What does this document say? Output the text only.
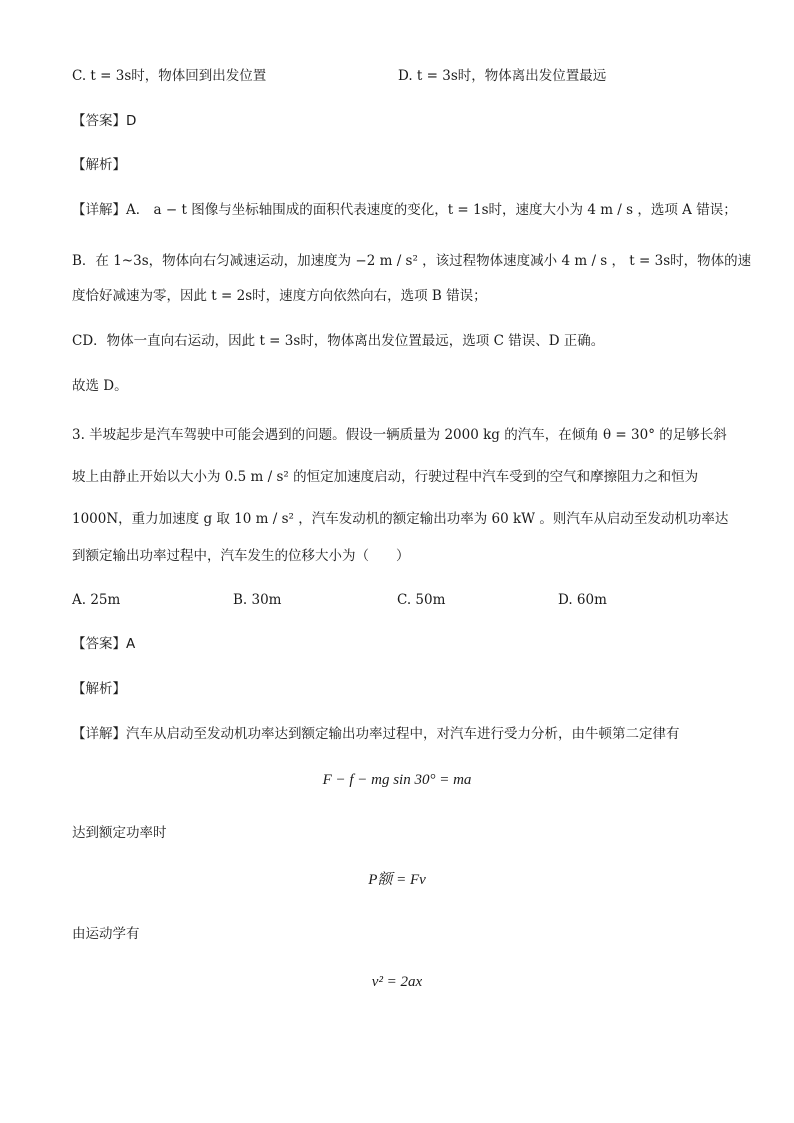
C. t = 3s时，物体回到出发位置	D. t = 3s时，物体离出发位置最远
【答案】D
【解析】
【详解】A． a − t 图像与坐标轴围成的面积代表速度的变化，t = 1s时，速度大小为 4 m / s ，选项 A 错误；
B．在 1~3s，物体向右匀减速运动，加速度为 −2 m / s² ，该过程物体速度减小 4 m / s ， t = 3s时，物体的速
度恰好减速为零，因此 t = 2s时，速度方向依然向右，选项 B 错误；
CD．物体一直向右运动，因此 t = 3s时，物体离出发位置最远，选项 C 错误、D 正确。
故选 D。
3. 半坡起步是汽车驾驶中可能会遇到的问题。假设一辆质量为 2000 kg 的汽车，在倾角 θ = 30° 的足够长斜
坡上由静止开始以大小为 0.5 m / s² 的恒定加速度启动，行驶过程中汽车受到的空气和摩擦阻力之和恒为
1000N，重力加速度 g 取 10 m / s² ，汽车发动机的额定输出功率为 60 kW 。则汽车从启动至发动机功率达
到额定输出功率过程中，汽车发生的位移大小为（　　）
A. 25m	B. 30m	C. 50m	D. 60m
【答案】A
【解析】
【详解】汽车从启动至发动机功率达到额定输出功率过程中，对汽车进行受力分析，由牛顿第二定律有
F − f − mg sin 30° = ma
达到额定功率时
P额 = Fv
由运动学有
v² = 2ax
